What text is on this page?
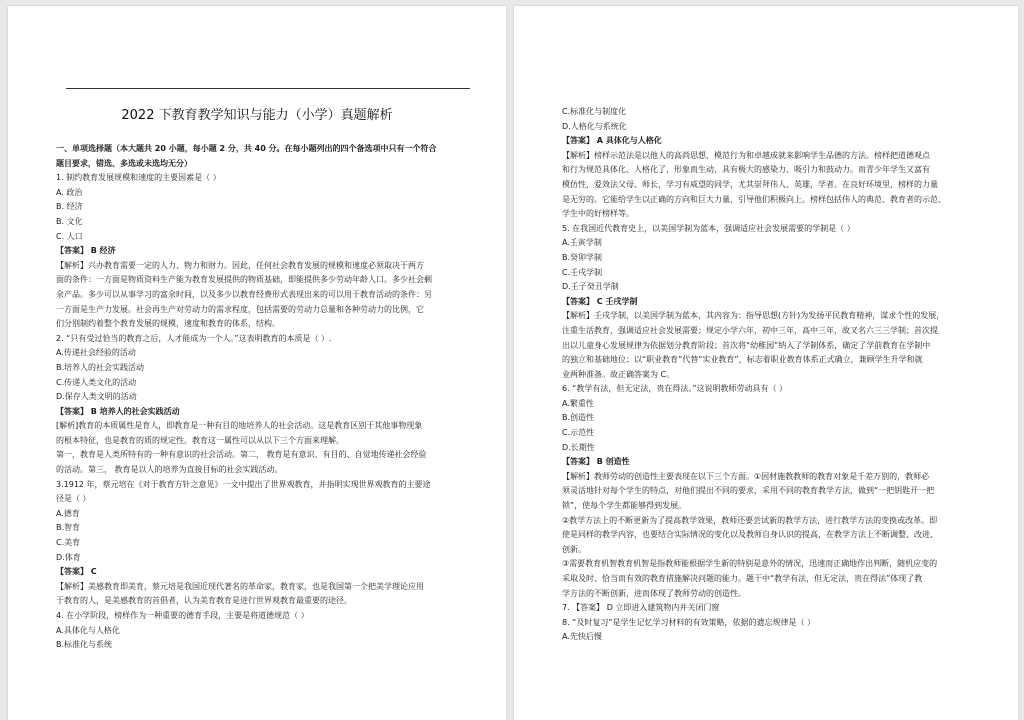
2022 下教育教学知识与能力（小学）真题解析
一、单项选择题（本大题共 20 小题，每小题 2 分，共 40 分。在每小题列出的四个备选项中只有一个符合
题目要求，错选、多选或未选均无分）
1. 制约教育发展规模和速度的主要因素是（ ）
A. 政治
B. 经济
B. 文化
C. 人口
【答案】 B 经济
【解析】兴办教育需要一定的人力、物力和财力。因此，任何社会教育发展的规模和速度必须取决于两方
面的条件：一方面是物质资料生产能为教育发展提供的物质基础，即能提供多少劳动年龄人口。多少社会剩
余产品。多少可以从事学习的富余时间，以及多少以教育经费形式表现出来的可以用于教育活动的条件：另
一方面是生产力发展。社会再生产对劳动力的需求程度，包括需要的劳动力总量和各种劳动力的比例，它
们分别制约着整个教育发展的规模，速度和教育的体系，结构。
2. “只有受过恰当的教育之后，人才能成为一个人。”这表明教育的本质是（ ）.
A.传递社会经验的活动
B.培养人的社会实践活动
C.传递人类文化的活动
D.保存人类文明的活动
【答案】 B 培养人的社会实践活动
[解析]教育的本质属性是育人，即教育是一种有目的地培养人的社会活动。这是教育区别于其他事物现象
的根本特征，也是教育的质的规定性。教育这一属性可以从以下三个方面来理解。
第一，教育是人类所特有的一种有意识的社会活动。第二， 教育是有意识、有目的、自觉地传递社会经验
的活动。第三， 教育是以人的培养为直接目标的社会实践活动。
3.1912 年，蔡元培在《对于教育方针之意见》一文中提出了世界观教育，并指明实现世界观教育的主要途
径是（ ）
A.德育
B.智育
C.美育
D.体育
【答案】 C
【解析】美感教育即美育，蔡元培是我国近现代著名的革命家，教育家，也是我国第一个把美学理论应用
于教育的人，是美感教育的首倡者，认为美育教育是进行世界观教育最重要的途径。
4. 在小学阶段，榜样作为一种重要的德育手段，主要是将道德规范（ ）
A.具体化与人格化
B.标准化与系统
C.标准化与制度化
D.人格化与系统化
【答案】 A 具体化与人格化
【解析】榜样示范法是以他人的高尚思想、模范行为和卓越成就来影响学生品德的方法。榜样把道德观点
和行为规范具体化、人格化了，形象而生动，具有极大的感染力、吸引力和鼓动力。而青少年学生又富有
模仿性，爱效法父母、师长，学习有威望的同学，尤其崇拜伟人、英雄，学者。在良好环境里，榜样的力量
是无穷的。它能给学生以正确的方向和巨大力量，引导他们积极向上。榜样包括伟人的典范、教育者的示范、
学生中的好榜样等。
5. 在我国近代教育史上，以美国学制为蓝本，强调适应社会发展需要的学制是（ ）
A.壬寅学制
B.癸卯学制
C.壬戌学制
D.壬子癸丑学制
【答案】 C 壬戌学制
【解析】壬戌学制，以美国学制为蓝本，其内容为：指导思想(方针)为发扬平民教育精神，谋求个性的发展，
注重生活教育，强调适应社会发展需要；规定小学六年，初中三年，高中三年，故又名六三三学制；首次提
出以儿童身心发展规律为依据划分教育阶段；首次将“幼稚园”纳入了学制体系，确定了学前教育在学制中
的独立和基础地位；以“职业教育”代替“实业教育”，标志着职业教育体系正式确立，兼顾学生升学和就
业两种准备。故正确答案为 C。
6. “教学有法，但无定法，贵在得法。”这说明教师劳动具有（ ）
A.繁重性
B.创造性
C.示范性
D.长期性
【答案】 B 创造性
【解析】教师劳动的创造性主要表现在以下三个方面。①因材施教教师的教育对象是千差万别的，教师必
须灵活地针对每个学生的特点，对他们提出不同的要求，采用不同的教育教学方法，做到“一把钥匙开一把
锁”，使每个学生都能够得到发展。
②教学方法上的不断更新为了提高教学效果，教师还要尝试新的教学方法，进行教学方法的变换或改革。即
使是同样的教学内容，也要结合实际情况的变化以及教师自身认识的提高，在教学方法上不断调整、改进、
创新。
③需要教育机智教育机智是指教师能根据学生新的特别是意外的情况，迅速而正确地作出判断，随机应变的
采取及时、恰当而有效的教育措施解决问题的能力。题干中“教学有法，但无定法，贵在得法”体现了教
学方法的不断创新，进而体现了教师劳动的创造性。
7. 【答案】 D 立即进入建筑物内并关闭门窗
8. “及时复习”是学生记忆学习材料的有效策略，依据的遗忘规律是（ ）
A.先快后慢
